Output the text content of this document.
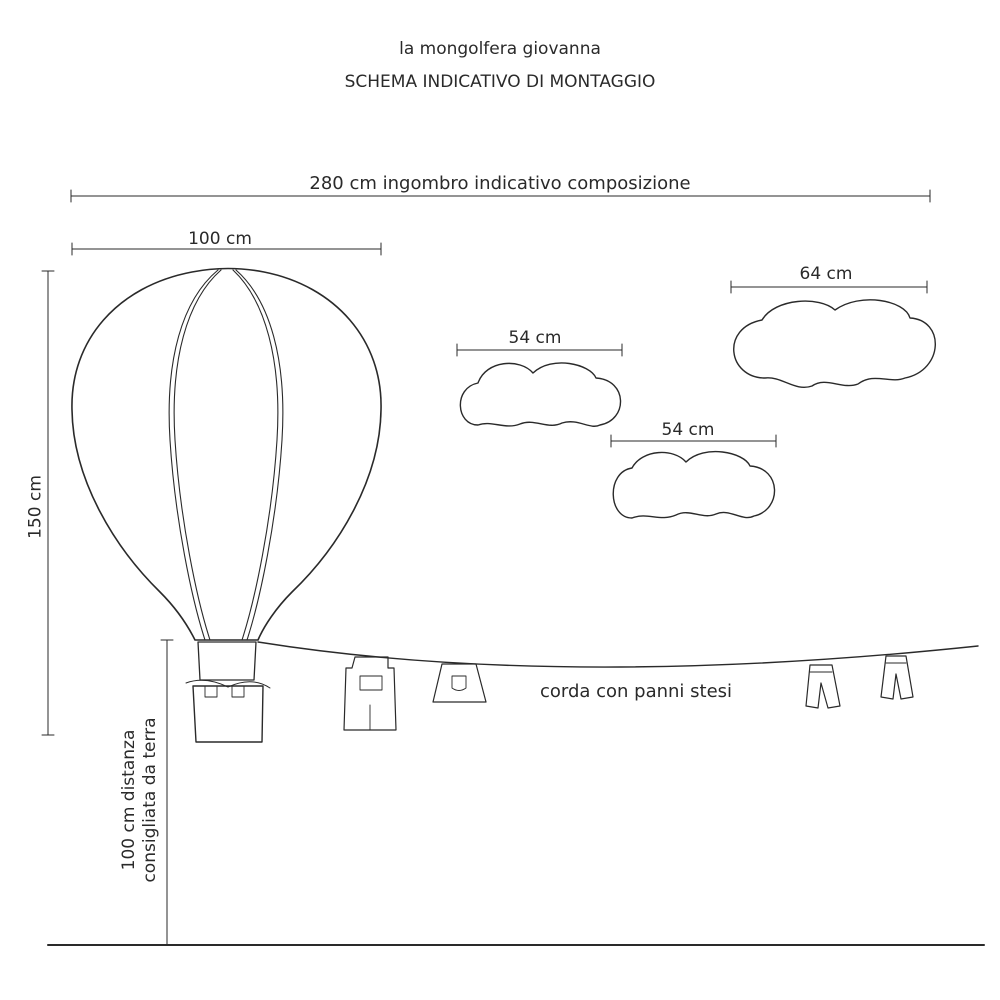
la mongolfera giovanna
SCHEMA INDICATIVO DI MONTAGGIO
280 cm ingombro indicativo composizione
100 cm
54 cm
64 cm
54 cm
corda con panni stesi
150 cm
100 cm distanza consigliata da terra
